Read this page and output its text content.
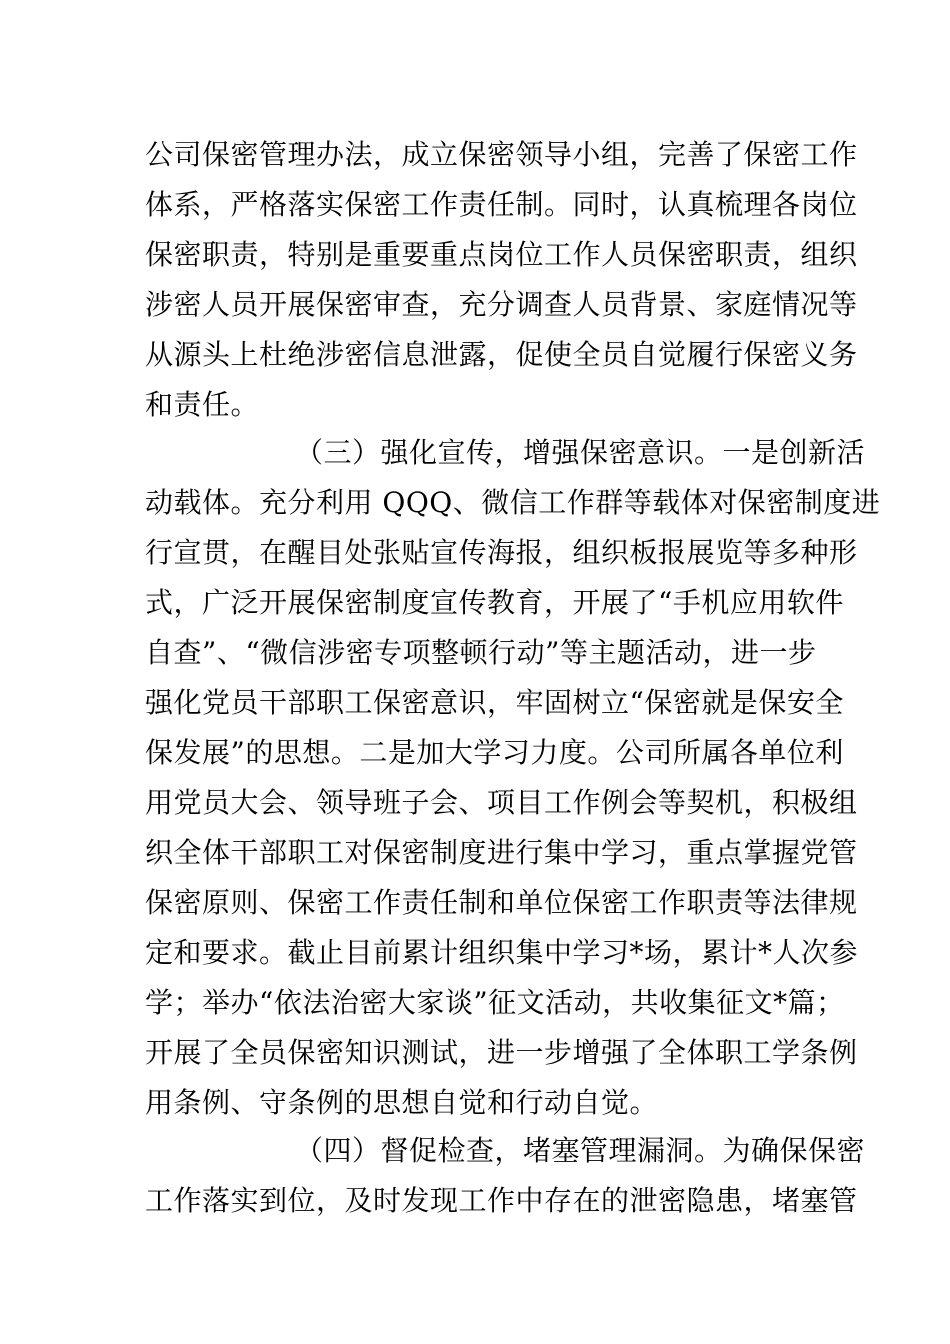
公司保密管理办法，成立保密领导小组，完善了保密工作
体系，严格落实保密工作责任制。同时，认真梳理各岗位
保密职责，特别是重要重点岗位工作人员保密职责，组织
涉密人员开展保密审查，充分调查人员背景、家庭情况等
从源头上杜绝涉密信息泄露，促使全员自觉履行保密义务
和责任。
（三）强化宣传，增强保密意识。一是创新活
动载体。充分利用 QQQ、微信工作群等载体对保密制度进
行宣贯，在醒目处张贴宣传海报，组织板报展览等多种形
式，广泛开展保密制度宣传教育，开展了“手机应用软件
自查”、“微信涉密专项整顿行动”等主题活动，进一步
强化党员干部职工保密意识，牢固树立“保密就是保安全
保发展”的思想。二是加大学习力度。公司所属各单位利
用党员大会、领导班子会、项目工作例会等契机，积极组
织全体干部职工对保密制度进行集中学习，重点掌握党管
保密原则、保密工作责任制和单位保密工作职责等法律规
定和要求。截止目前累计组织集中学习*场，累计*人次参
学；举办“依法治密大家谈”征文活动，共收集征文*篇；
开展了全员保密知识测试，进一步增强了全体职工学条例
用条例、守条例的思想自觉和行动自觉。
（四）督促检查，堵塞管理漏洞。为确保保密
工作落实到位，及时发现工作中存在的泄密隐患，堵塞管
